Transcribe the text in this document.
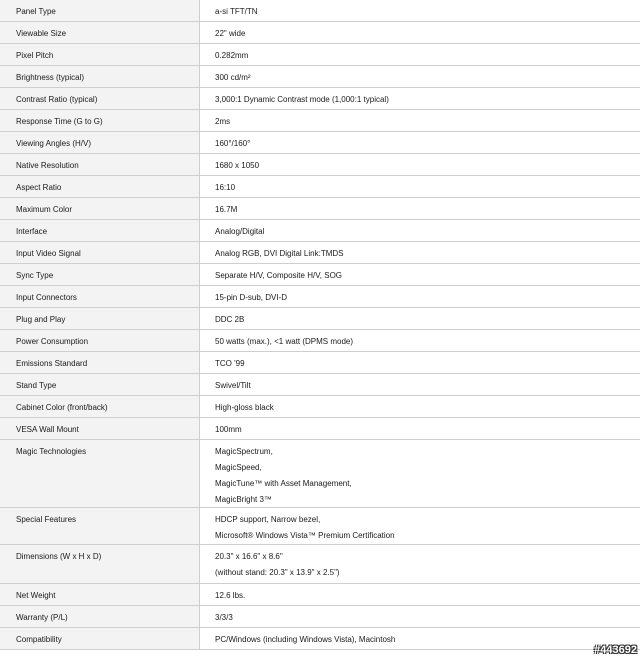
Panel Type	a-si TFT/TN
Viewable Size	22" wide
Pixel Pitch	0.282mm
Brightness (typical)	300 cd/m²
Contrast Ratio (typical)	3,000:1 Dynamic Contrast mode (1,000:1 typical)
Response Time (G to G)	2ms
Viewing Angles (H/V)	160°/160°
Native Resolution	1680 x 1050
Aspect Ratio	16:10
Maximum Color	16.7M
Interface	Analog/Digital
Input Video Signal	Analog RGB, DVI Digital Link:TMDS
Sync Type	Separate H/V, Composite H/V, SOG
Input Connectors	15-pin D-sub, DVI-D
Plug and Play	DDC 2B
Power Consumption	50 watts (max.), <1 watt (DPMS mode)
Emissions Standard	TCO '99
Stand Type	Swivel/Tilt
Cabinet Color (front/back)	High-gloss black
VESA Wall Mount	100mm
Magic Technologies	MagicSpectrum,
MagicSpeed,
MagicTune™ with Asset Management,
MagicBright 3™
Special Features	HDCP support, Narrow bezel,
Microsoft® Windows Vista™ Premium Certification
Dimensions (W x H x D)	20.3" x 16.6" x 8.6"
(without stand: 20.3" x 13.9" x 2.5")
Net Weight	12.6 lbs.
Warranty (P/L)	3/3/3
Compatibility	PC/Windows (including Windows Vista), Macintosh
#443692
